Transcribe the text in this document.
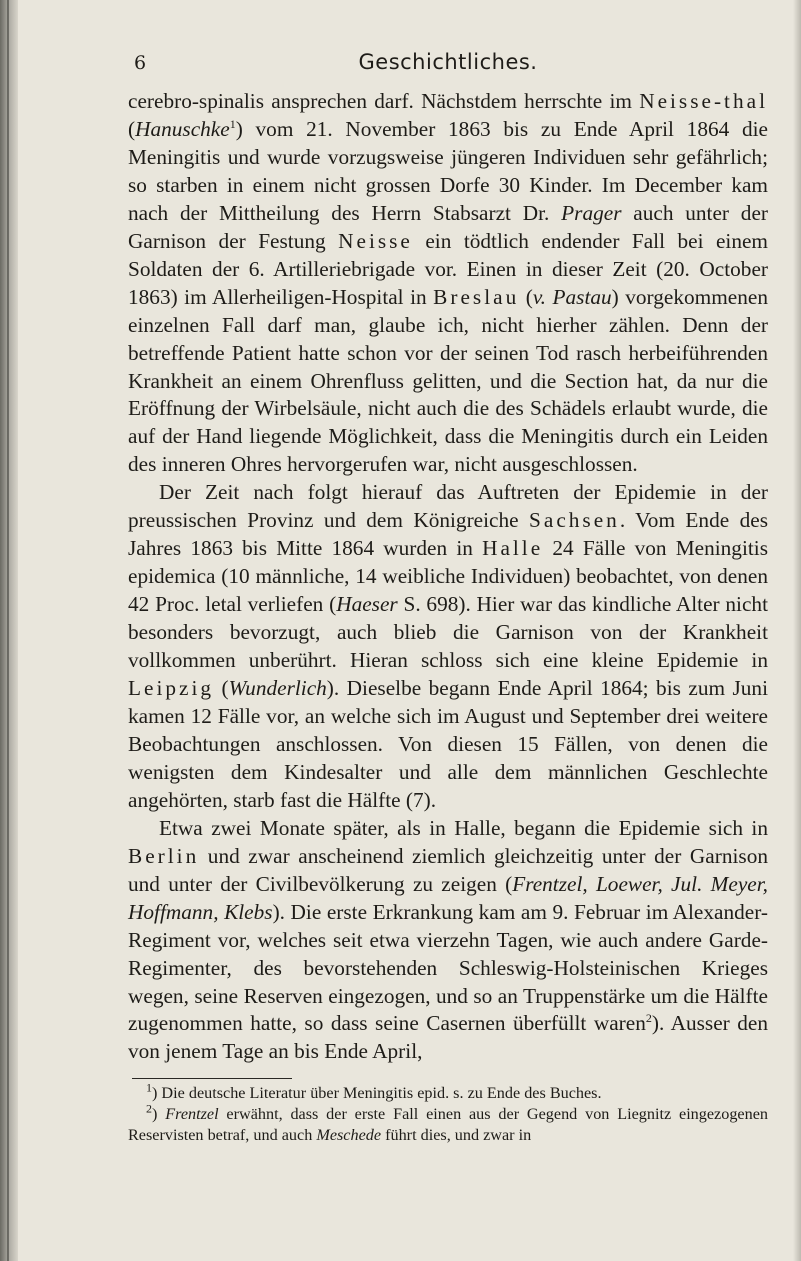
6	Geschichtliches.

cerebro-spinalis ansprechen darf. Nächstdem herrschte im Neisse-thal (Hanuschke$^1$) vom 21. November 1863 bis zu Ende April 1864 die Meningitis und wurde vorzugsweise jüngeren Individuen sehr gefährlich; so starben in einem nicht grossen Dorfe 30 Kinder. Im December kam nach der Mittheilung des Herrn Stabsarzt Dr. Prager auch unter der Garnison der Festung Neisse ein tödtlich endender Fall bei einem Soldaten der 6. Artilleriebrigade vor. Einen in dieser Zeit (20. October 1863) im Allerheiligen-Hospital in Breslau (v. Pastau) vorgekommenen einzelnen Fall darf man, glaube ich, nicht hierher zählen. Denn der betreffende Patient hatte schon vor der seinen Tod rasch herbeiführenden Krankheit an einem Ohrenfluss gelitten, und die Section hat, da nur die Eröffnung der Wirbelsäule, nicht auch die des Schädels erlaubt wurde, die auf der Hand liegende Möglichkeit, dass die Meningitis durch ein Leiden des inneren Ohres hervorgerufen war, nicht ausgeschlossen.

Der Zeit nach folgt hierauf das Auftreten der Epidemie in der preussischen Provinz und dem Königreiche Sachsen. Vom Ende des Jahres 1863 bis Mitte 1864 wurden in Halle 24 Fälle von Meningitis epidemica (10 männliche, 14 weibliche Individuen) beobachtet, von denen 42 Proc. letal verliefen (Haeser S. 698). Hier war das kindliche Alter nicht besonders bevorzugt, auch blieb die Garnison von der Krankheit vollkommen unberührt. Hieran schloss sich eine kleine Epidemie in Leipzig (Wunderlich). Dieselbe begann Ende April 1864; bis zum Juni kamen 12 Fälle vor, an welche sich im August und September drei weitere Beobachtungen anschlossen. Von diesen 15 Fällen, von denen die wenigsten dem Kindesalter und alle dem männlichen Geschlechte angehörten, starb fast die Hälfte (7).

Etwa zwei Monate später, als in Halle, begann die Epidemie sich in Berlin und zwar anscheinend ziemlich gleichzeitig unter der Garnison und unter der Civilbevölkerung zu zeigen (Frentzel, Loewer, Jul. Meyer, Hoffmann, Klebs). Die erste Erkrankung kam am 9. Februar im Alexander-Regiment vor, welches seit etwa vierzehn Tagen, wie auch andere Garde-Regimenter, des bevorstehenden Schleswig-Holsteinischen Krieges wegen, seine Reserven eingezogen, und so an Truppenstärke um die Hälfte zugenommen hatte, so dass seine Casernen überfüllt waren$^2$). Ausser den von jenem Tage an bis Ende April,

$^1$) Die deutsche Literatur über Meningitis epid. s. zu Ende des Buches.

$^2$) Frentzel erwähnt, dass der erste Fall einen aus der Gegend von Liegnitz eingezogenen Reservisten betraf, und auch Meschede führt dies, und zwar in
